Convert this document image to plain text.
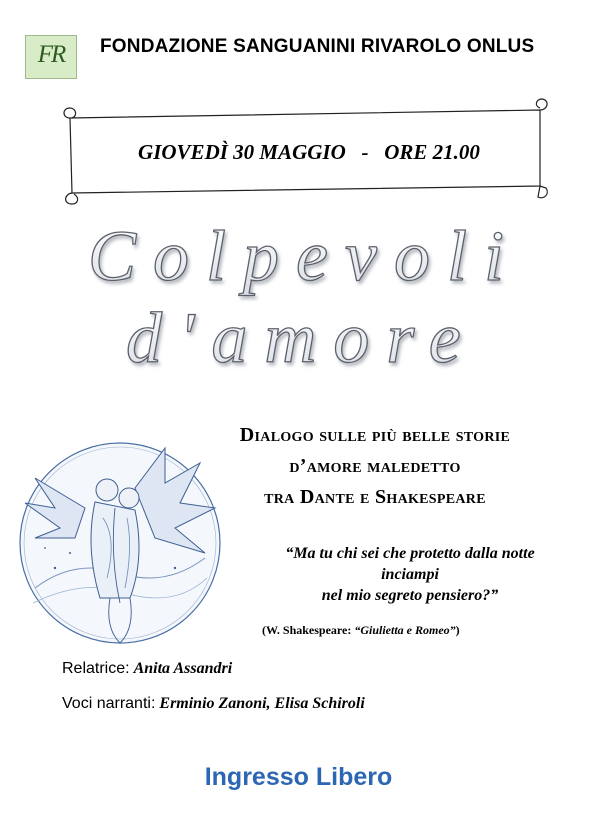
FR	FONDAZIONE SANGUANINI RIVAROLO ONLUS
GIOVEDÌ 30 MAGGIO - ORE 21.00
Colpevoli
d'amore
Dialogo sulle più belle storie
d’amore maledetto
tra Dante e Shakespeare
“Ma tu chi sei che protetto dalla notte
inciampi
nel mio segreto pensiero?”
(W. Shakespeare: “Giulietta e Romeo”)
Relatrice: Anita Assandri
Voci narranti: Erminio Zanoni, Elisa Schiroli
Ingresso Libero
